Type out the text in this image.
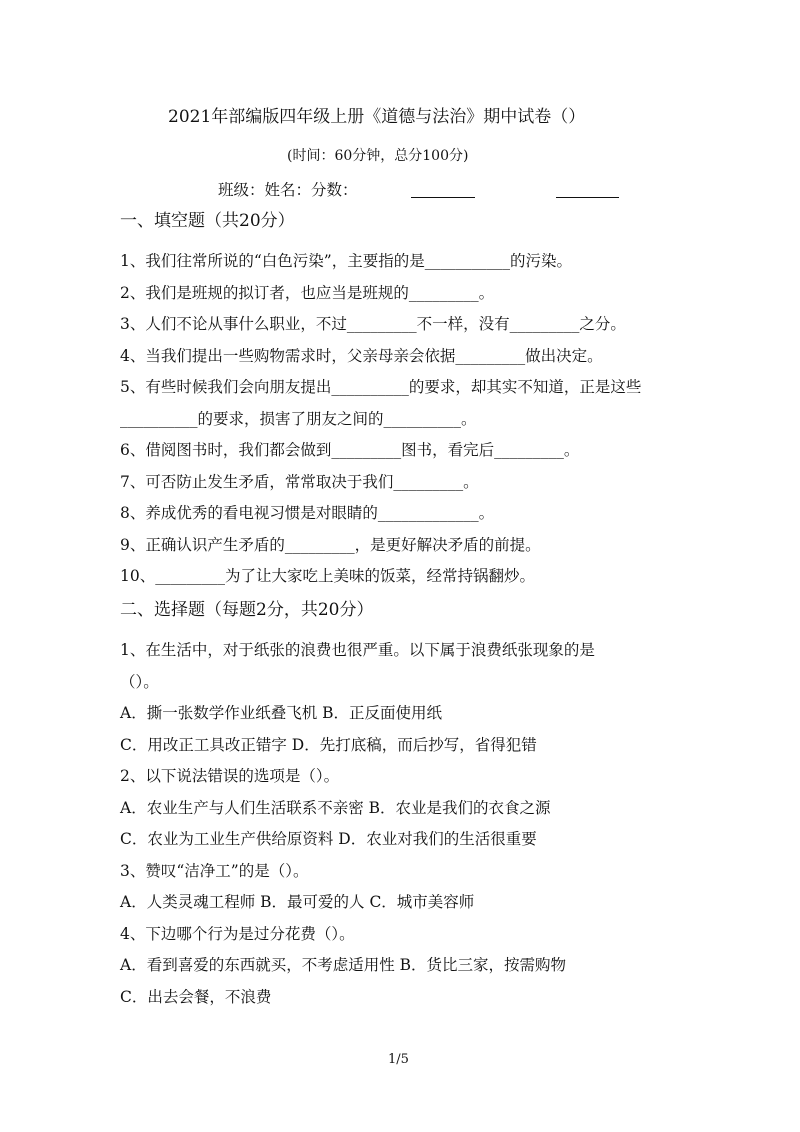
2021年部编版四年级上册《道德与法治》期中试卷（）
(时间：60分钟，总分100分)
班级：姓名：分数：
一、填空题（共20分）
1、我们往常所说的“白色污染”，主要指的是___________的污染。
2、我们是班规的拟订者，也应当是班规的_________。
3、人们不论从事什么职业，不过_________不一样，没有_________之分。
4、当我们提出一些购物需求时，父亲母亲会依据_________做出决定。
5、有些时候我们会向朋友提出__________的要求，却其实不知道，正是这些
__________的要求，损害了朋友之间的__________。
6、借阅图书时，我们都会做到_________图书，看完后_________。
7、可否防止发生矛盾，常常取决于我们_________。
8、养成优秀的看电视习惯是对眼睛的_____________。
9、正确认识产生矛盾的_________，是更好解决矛盾的前提。
10、_________为了让大家吃上美味的饭菜，经常持锅翻炒。
二、选择题（每题2分，共20分）
1、在生活中，对于纸张的浪费也很严重。以下属于浪费纸张现象的是
（）。
A．撕一张数学作业纸叠飞机 B．正反面使用纸
C．用改正工具改正错字 D．先打底稿，而后抄写，省得犯错
2、以下说法错误的选项是（）。
A．农业生产与人们生活联系不亲密 B．农业是我们的衣食之源
C．农业为工业生产供给原资料 D．农业对我们的生活很重要
3、赞叹“洁净工”的是（）。
A．人类灵魂工程师 B．最可爱的人 C．城市美容师
4、下边哪个行为是过分花费（）。
A．看到喜爱的东西就买，不考虑适用性 B．货比三家，按需购物
C．出去会餐，不浪费
1/5
